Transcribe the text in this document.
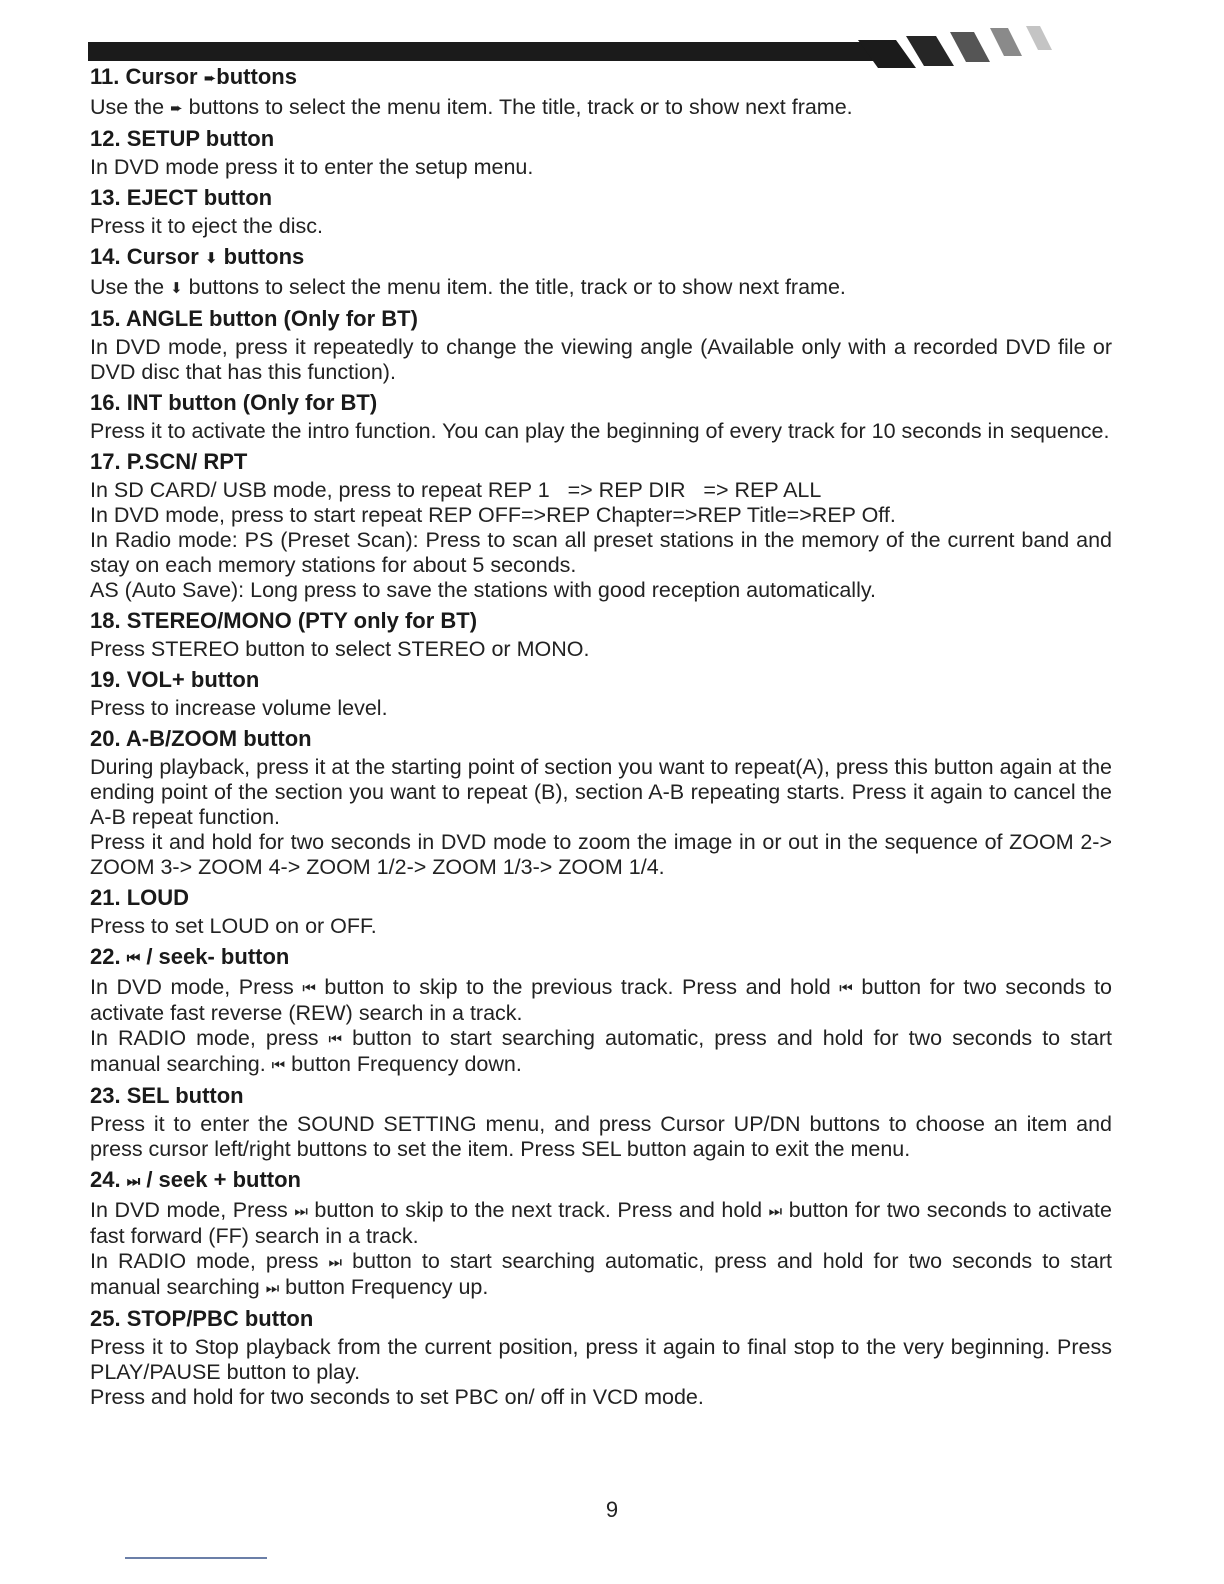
11. Cursor ➨buttons

Use the ➨ buttons to select the menu item. The title, track or to show next frame.

12. SETUP button

In DVD mode press it to enter the setup menu.

13. EJECT button

Press it to eject the disc.

14. Cursor ⬇ buttons

Use the ⬇ buttons to select the menu item. the title, track or to show next frame.

15. ANGLE button (Only for BT)

In DVD mode, press it repeatedly to change the viewing angle (Available only with a recorded DVD file or DVD disc that has this function).

16. INT button (Only for BT)

Press it to activate the intro function. You can play the beginning of every track for 10 seconds in sequence.

17. P.SCN/ RPT

In SD CARD/ USB mode, press to repeat REP 1   => REP DIR   => REP ALL

In DVD mode, press to start repeat REP OFF=>REP Chapter=>REP Title=>REP Off.

In Radio mode: PS (Preset Scan): Press to scan all preset stations in the memory of the current band and stay on each memory stations for about 5 seconds.

AS (Auto Save): Long press to save the stations with good reception automatically.

18. STEREO/MONO (PTY only for BT)

Press STEREO button to select STEREO or MONO.

19. VOL+ button

Press to increase volume level.

20. A-B/ZOOM button

During playback, press it at the starting point of section you want to repeat(A), press this button again at the ending point of the section you want to repeat (B), section A-B repeating starts. Press it again to cancel the A-B repeat function.

Press it and hold for two seconds in DVD mode to zoom the image in or out in the sequence of ZOOM 2-> ZOOM 3-> ZOOM 4-> ZOOM 1/2-> ZOOM 1/3-> ZOOM 1/4.

21. LOUD

Press to set LOUD on or OFF.

22. ⏮ / seek- button

In DVD mode, Press ⏮ button to skip to the previous track. Press and hold ⏮ button for two seconds to activate fast reverse (REW) search in a track.

In RADIO mode, press ⏮ button to start searching automatic, press and hold for two seconds to start manual searching. ⏮ button Frequency down.

23. SEL button

Press it to enter the SOUND SETTING menu, and press Cursor UP/DN buttons to choose an item and press cursor left/right buttons to set the item. Press SEL button again to exit the menu.

24. ⏭ / seek + button

In DVD mode, Press ⏭ button to skip to the next track. Press and hold ⏭ button for two seconds to activate fast forward (FF) search in a track.

In RADIO mode, press ⏭ button to start searching automatic, press and hold for two seconds to start manual searching ⏭ button Frequency up.

25. STOP/PBC button

Press it to Stop playback from the current position, press it again to final stop to the very beginning. Press PLAY/PAUSE button to play.

Press and hold for two seconds to set PBC on/ off in VCD mode.

9
